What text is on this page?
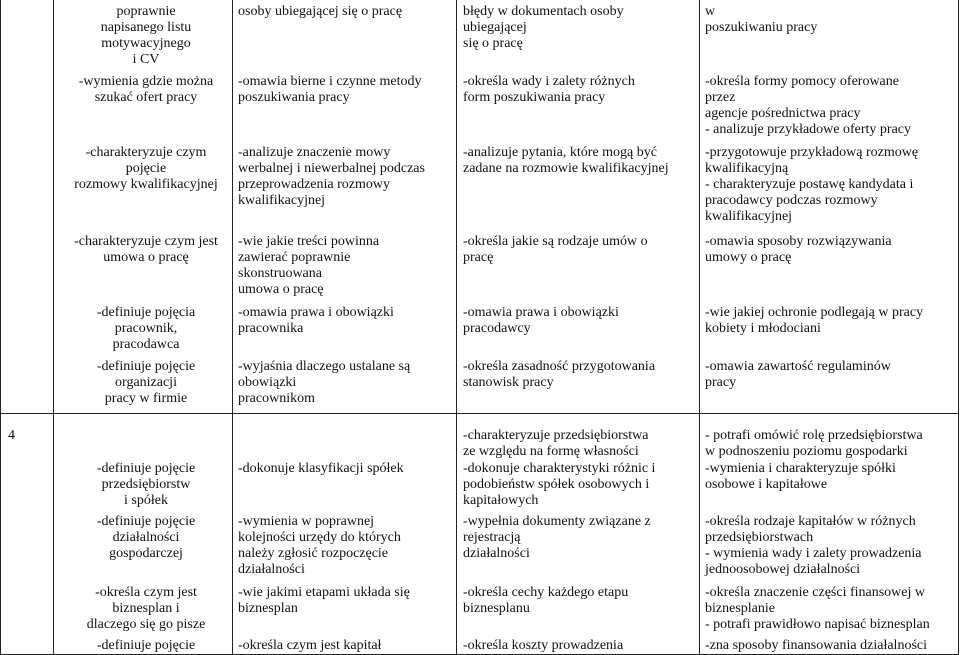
poprawnie
napisanego listu
motywacyjnego
i CV
-wymienia gdzie można
szukać ofert pracy
-charakteryzuje czym
pojęcie
rozmowy kwalifikacyjnej
-charakteryzuje czym jest
umowa o pracę
-definiuje pojęcia
pracownik,
pracodawca
-definiuje pojęcie
organizacji
pracy w firmie
osoby ubiegającej się o pracę
-omawia bierne i czynne metody
poszukiwania pracy
-analizuje znaczenie mowy
werbalnej i niewerbalnej podczas
przeprowadzenia rozmowy
kwalifikacyjnej
-wie jakie treści powinna
zawierać poprawnie
skonstruowana
umowa o pracę
-omawia prawa i obowiązki
pracownika
-wyjaśnia dlaczego ustalane są
obowiązki
pracownikom
błędy w dokumentach osoby
ubiegającej
się o pracę
-określa wady i zalety różnych
form poszukiwania pracy
-analizuje pytania, które mogą być
zadane na rozmowie kwalifikacyjnej
-określa jakie są rodzaje umów o
pracę
-omawia prawa i obowiązki
pracodawcy
-określa zasadność przygotowania
stanowisk pracy
w
poszukiwaniu pracy
-określa formy pomocy oferowane
przez
agencje pośrednictwa pracy
- analizuje przykładowe oferty pracy
-przygotowuje przykładową rozmowę
kwalifikacyjną
- charakteryzuje postawę kandydata i
pracodawcy podczas rozmowy
kwalifikacyjnej
-omawia sposoby rozwiązywania
umowy o pracę
-wie jakiej ochronie podlegają w pracy
kobiety i młodociani
-omawia zawartość regulaminów
pracy
4
-definiuje pojęcie
przedsiębiorstw
i spółek
-definiuje pojęcie
działalności
gospodarczej
-określa czym jest
biznesplan i
dlaczego się go pisze
-definiuje pojęcie
-dokonuje klasyfikacji spółek
-wymienia w poprawnej
kolejności urzędy do których
należy zgłosić rozpoczęcie
działalności
-wie jakimi etapami układa się
biznesplan
-określa czym jest kapitał
-charakteryzuje przedsiębiorstwa
ze względu na formę własności
-dokonuje charakterystyki różnic i
podobieństw spółek osobowych i
kapitałowych
-wypełnia dokumenty związane z
rejestracją
działalności
-określa cechy każdego etapu
biznesplanu
-określa koszty prowadzenia
- potrafi omówić rolę przedsiębiorstwa
w podnoszeniu poziomu gospodarki
-wymienia i charakteryzuje spółki
osobowe i kapitałowe
-określa rodzaje kapitałów w różnych
przedsiębiorstwach
- wymienia wady i zalety prowadzenia
jednoosobowej działalności
-określa znaczenie części finansowej w
biznesplanie
- potrafi prawidłowo napisać biznesplan
-zna sposoby finansowania działalności
